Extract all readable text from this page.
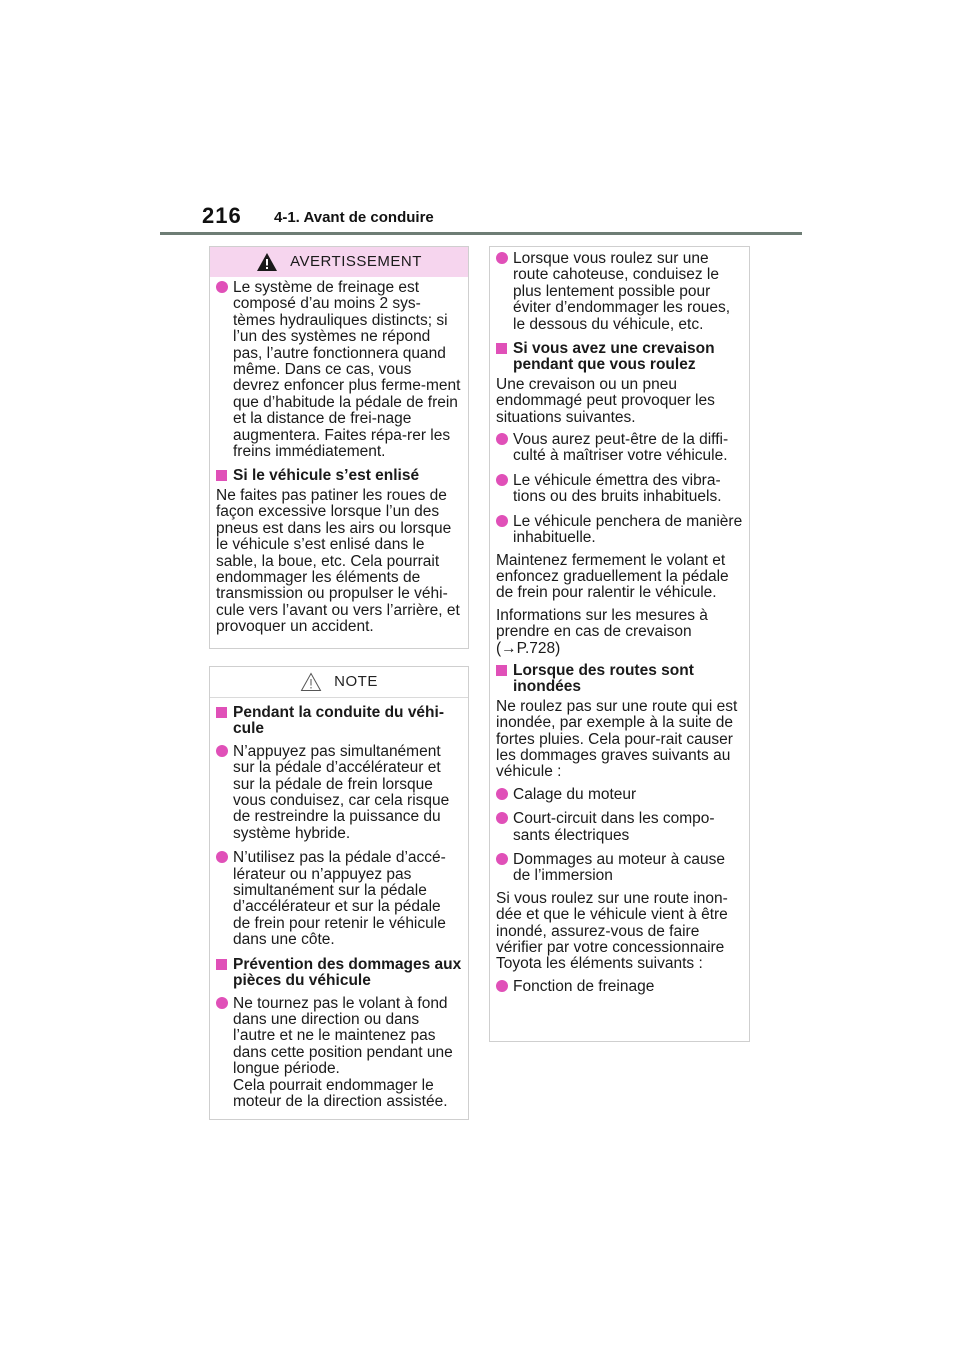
216 4-1. Avant de conduire
AVERTISSEMENT
Le système de freinage est composé d’au moins 2 sys-tèmes hydrauliques distincts; si l’un des systèmes ne répond pas, l’autre fonctionnera quand même. Dans ce cas, vous devrez enfoncer plus ferme-ment que d’habitude la pédale de frein et la distance de frei-nage augmentera. Faites répa-rer les freins immédiatement.
Si le véhicule s’est enlisé
Ne faites pas patiner les roues de façon excessive lorsque l’un des pneus est dans les airs ou lorsque le véhicule s’est enlisé dans le sable, la boue, etc. Cela pourrait endommager les éléments de transmission ou propulser le véhi-cule vers l’avant ou vers l’arrière, et provoquer un accident.
NOTE
Pendant la conduite du véhi-cule
N’appuyez pas simultanément sur la pédale d’accélérateur et sur la pédale de frein lorsque vous conduisez, car cela risque de restreindre la puissance du système hybride.
N’utilisez pas la pédale d’accé-lérateur ou n’appuyez pas simultanément sur la pédale d’accélérateur et sur la pédale de frein pour retenir le véhicule dans une côte.
Prévention des dommages aux pièces du véhicule
Ne tournez pas le volant à fond dans une direction ou dans l’autre et ne le maintenez pas dans cette position pendant une longue période.
Cela pourrait endommager le moteur de la direction assistée.
Lorsque vous roulez sur une route cahoteuse, conduisez le plus lentement possible pour éviter d’endommager les roues, le dessous du véhicule, etc.
Si vous avez une crevaison pendant que vous roulez
Une crevaison ou un pneu endommagé peut provoquer les situations suivantes.
Vous aurez peut-être de la diffi-culté à maîtriser votre véhicule.
Le véhicule émettra des vibra-tions ou des bruits inhabituels.
Le véhicule penchera de manière inhabituelle.
Maintenez fermement le volant et enfoncez graduellement la pédale de frein pour ralentir le véhicule.
Informations sur les mesures à prendre en cas de crevaison
(→P.728)
Lorsque des routes sont inondées
Ne roulez pas sur une route qui est inondée, par exemple à la suite de fortes pluies. Cela pour-rait causer les dommages graves suivants au véhicule :
Calage du moteur
Court-circuit dans les compo-sants électriques
Dommages au moteur à cause de l’immersion
Si vous roulez sur une route inon-dée et que le véhicule vient à être inondé, assurez-vous de faire vérifier par votre concessionnaire Toyota les éléments suivants :
Fonction de freinage
